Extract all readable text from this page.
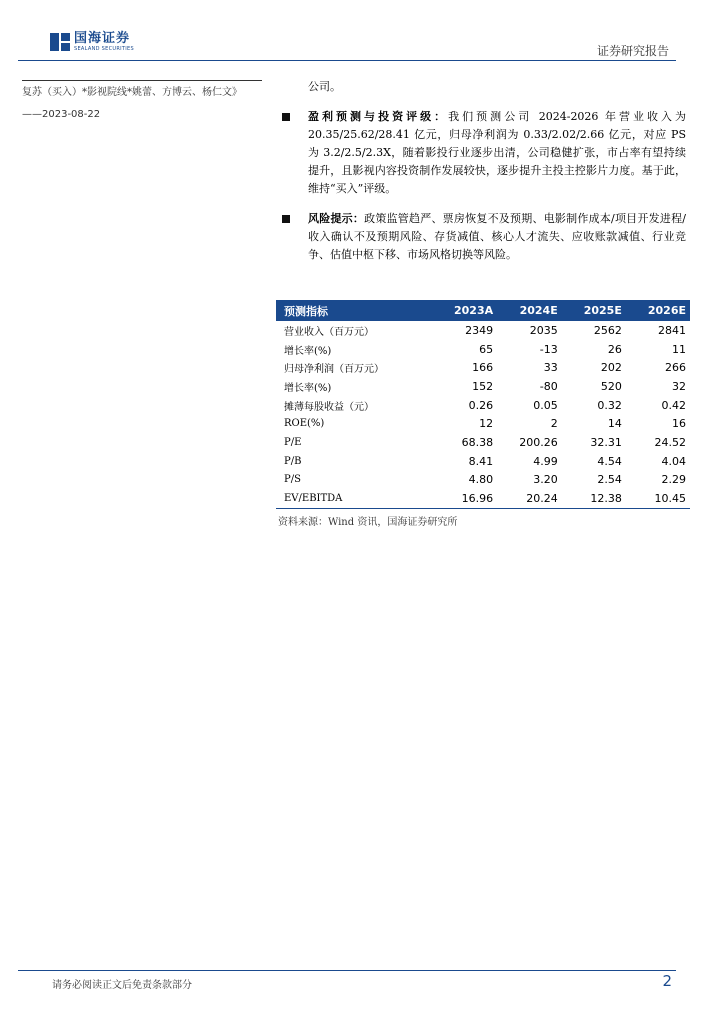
国海证券
SEALAND SECURITIES	证券研究报告
复苏（买入）*影视院线*姚蕾、方博云、杨仁文》
——2023-08-22
公司。
盈利预测与投资评级：我们预测公司 2024-2026 年营业收入为 20.35/25.62/28.41 亿元，归母净利润为 0.33/2.02/2.66 亿元，对应 PS 为 3.2/2.5/2.3X，随着影投行业逐步出清，公司稳健扩张，市占率有望持续提升，且影视内容投资制作发展较快，逐步提升主投主控影片力度。基于此，维持“买入”评级。
风险提示：政策监管趋严、票房恢复不及预期、电影制作成本/项目开发进程/收入确认不及预期风险、存货减值、核心人才流失、应收账款减值、行业竞争、估值中枢下移、市场风格切换等风险。
预测指标	2023A	2024E	2025E	2026E
营业收入（百万元）	2349	2035	2562	2841
增长率(%)	65	-13	26	11
归母净利润（百万元）	166	33	202	266
增长率(%)	152	-80	520	32
摊薄每股收益（元）	0.26	0.05	0.32	0.42
ROE(%)	12	2	14	16
P/E	68.38	200.26	32.31	24.52
P/B	8.41	4.99	4.54	4.04
P/S	4.80	3.20	2.54	2.29
EV/EBITDA	16.96	20.24	12.38	10.45
资料来源：Wind 资讯，国海证券研究所
请务必阅读正文后免责条款部分	2
